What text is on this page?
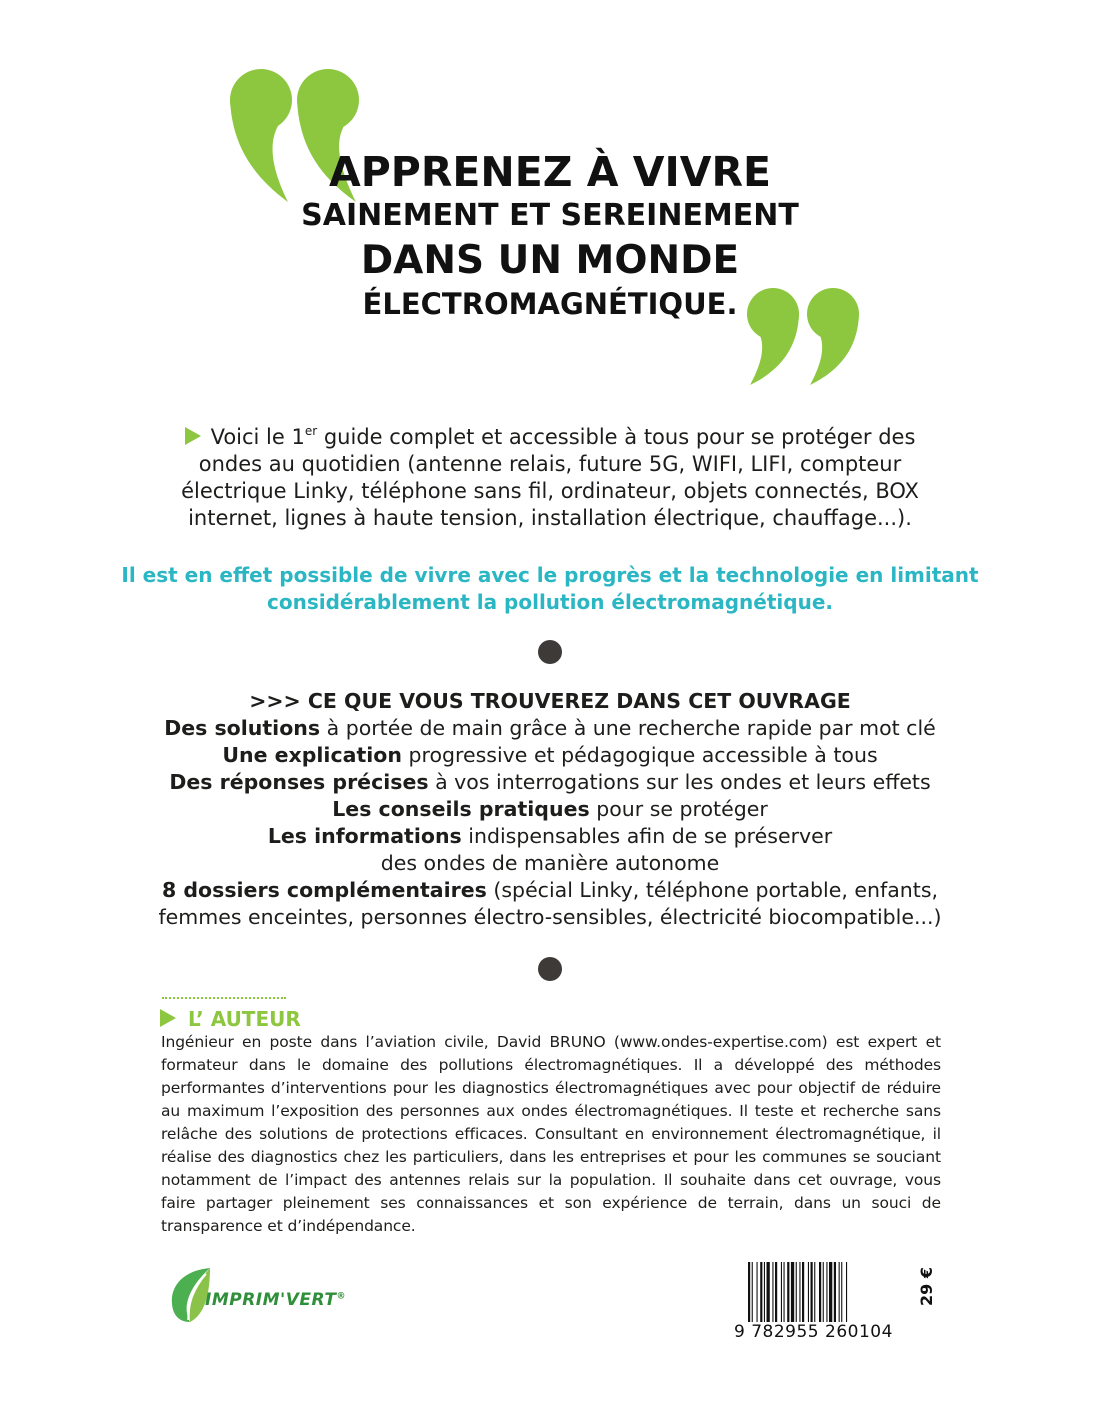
APPRENEZ À VIVRE

SAINEMENT ET SEREINEMENT

DANS UN MONDE

ÉLECTROMAGNÉTIQUE.

Voici le 1er guide complet et accessible à tous pour se protéger des ondes au quotidien (antenne relais, future 5G, WIFI, LIFI, compteur électrique Linky, téléphone sans fil, ordinateur, objets connectés, BOX internet, lignes à haute tension, installation électrique, chauffage...).
Il est en effet possible de vivre avec le progrès et la technologie en limitant considérablement la pollution électromagnétique.
>>> CE QUE VOUS TROUVEREZ DANS CET OUVRAGE
Des solutions à portée de main grâce à une recherche rapide par mot clé
Une explication progressive et pédagogique accessible à tous
Des réponses précises à vos interrogations sur les ondes et leurs effets
Les conseils pratiques pour se protéger
Les informations indispensables afin de se préserver
des ondes de manière autonome
8 dossiers complémentaires (spécial Linky, téléphone portable, enfants,
femmes enceintes, personnes électro-sensibles, électricité biocompatible...)
L’ AUTEUR
Ingénieur en poste dans l’aviation civile, David BRUNO (www.ondes-expertise.com) est expert et formateur dans le domaine des pollutions électromagnétiques. Il a développé des méthodes performantes d’interventions pour les diagnostics électromagnétiques avec pour objectif de réduire au maximum l’exposition des personnes aux ondes électromagnétiques. Il teste et recherche sans relâche des solutions de protections efficaces. Consultant en environnement électromagnétique, il réalise des diagnostics chez les particuliers, dans les entreprises et pour les communes se souciant notamment de l’impact des antennes relais sur la population. Il souhaite dans cet ouvrage, vous faire partager pleinement ses connaissances et son expérience de terrain, dans un souci de transparence et d’indépendance.
IMPRIM'VERT®
9 782955 260104
29 €
